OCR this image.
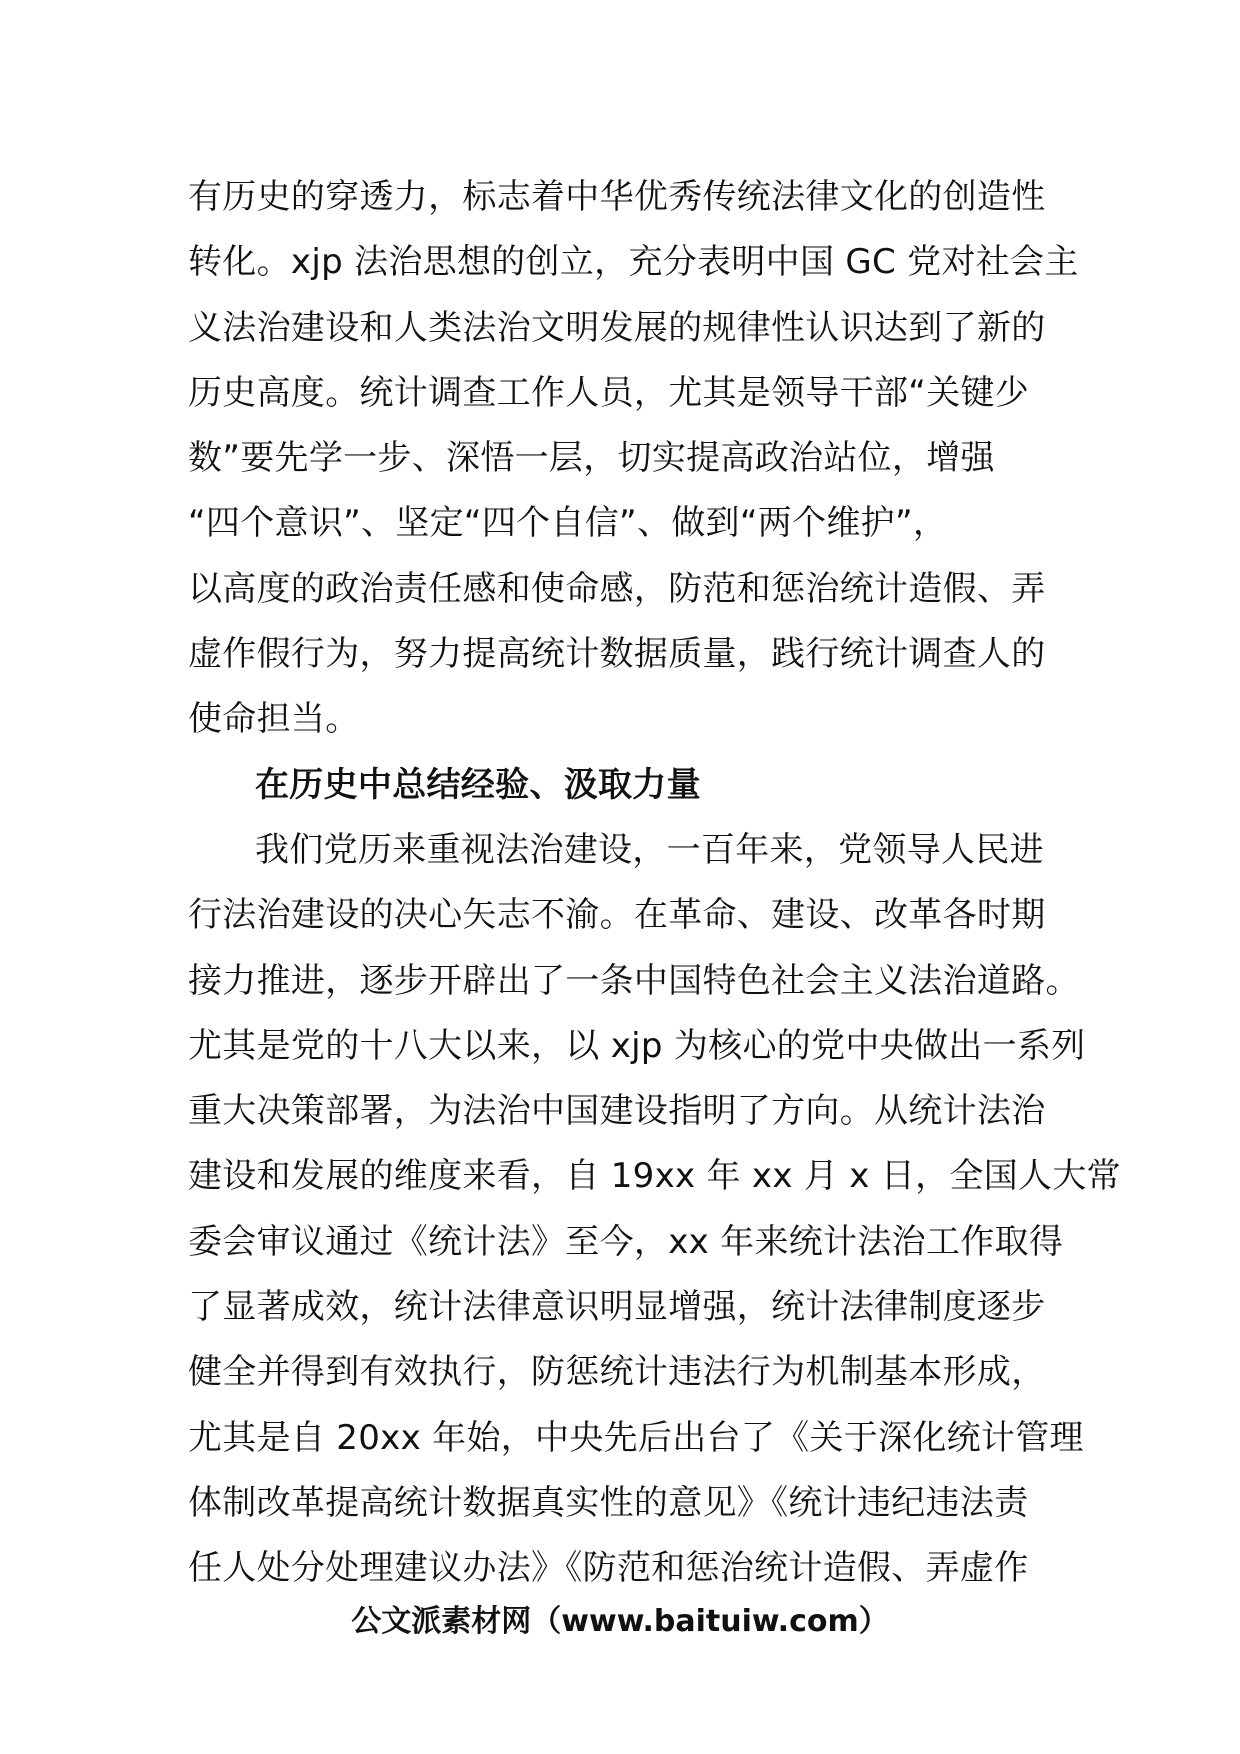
有历史的穿透力，标志着中华优秀传统法律文化的创造性
转化。xjp 法治思想的创立，充分表明中国 GC 党对社会主
义法治建设和人类法治文明发展的规律性认识达到了新的
历史高度。统计调查工作人员，尤其是领导干部“关键少
数”要先学一步、深悟一层，切实提高政治站位，增强
“四个意识”、坚定“四个自信”、做到“两个维护”，
以高度的政治责任感和使命感，防范和惩治统计造假、弄
虚作假行为，努力提高统计数据质量，践行统计调查人的
使命担当。
在历史中总结经验、汲取力量
我们党历来重视法治建设，一百年来，党领导人民进
行法治建设的决心矢志不渝。在革命、建设、改革各时期
接力推进，逐步开辟出了一条中国特色社会主义法治道路。
尤其是党的十八大以来，以 xjp 为核心的党中央做出一系列
重大决策部署，为法治中国建设指明了方向。从统计法治
建设和发展的维度来看，自 19xx 年 xx 月 x 日，全国人大常
委会审议通过《统计法》至今，xx 年来统计法治工作取得
了显著成效，统计法律意识明显增强，统计法律制度逐步
健全并得到有效执行，防惩统计违法行为机制基本形成，
尤其是自 20xx 年始，中央先后出台了《关于深化统计管理
体制改革提高统计数据真实性的意见》《统计违纪违法责
任人处分处理建议办法》《防范和惩治统计造假、弄虚作
公文派素材网（www.baituiw.com）
